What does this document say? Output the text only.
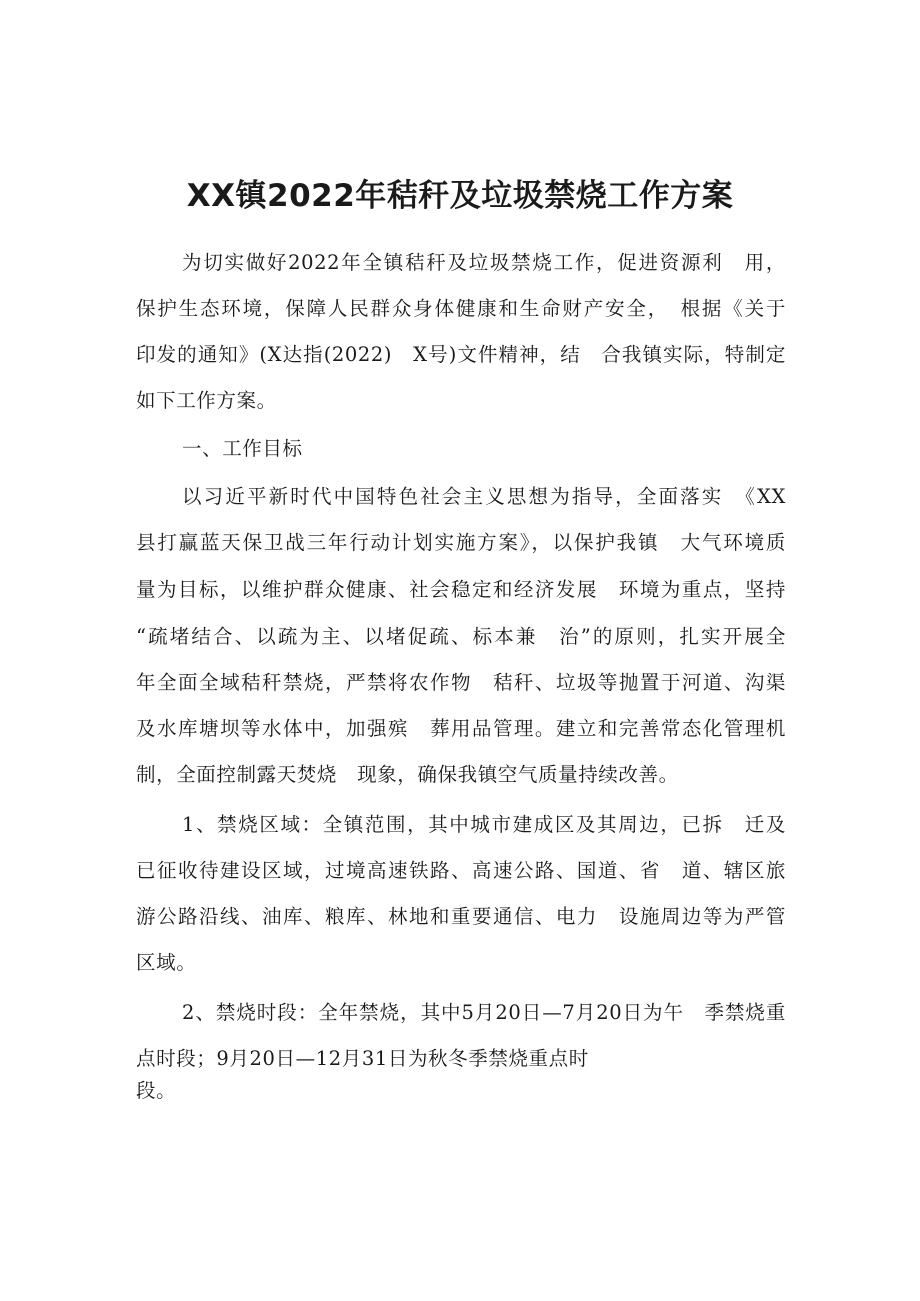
XX镇2022年秸秆及垃圾禁烧工作方案
为切实做好2022年全镇秸秆及垃圾禁烧工作，促进资源利　用，
保护生态环境，保障人民群众身体健康和生命财产安全，　根据《关于
印发的通知》(X达指(2022)　X号)文件精神，结　合我镇实际，特制定
如下工作方案。
一、工作目标
以习近平新时代中国特色社会主义思想为指导，全面落实　《XX
县打赢蓝天保卫战三年行动计划实施方案》，以保护我镇　大气环境质
量为目标，以维护群众健康、社会稳定和经济发展　环境为重点，坚持
“疏堵结合、以疏为主、以堵促疏、标本兼　治”的原则，扎实开展全
年全面全域秸秆禁烧，严禁将农作物　秸秆、垃圾等抛置于河道、沟渠
及水库塘坝等水体中，加强殡　葬用品管理。建立和完善常态化管理机
制，全面控制露天焚烧　现象，确保我镇空气质量持续改善。
1、禁烧区域：全镇范围，其中城市建成区及其周边，已拆　迁及
已征收待建设区域，过境高速铁路、高速公路、国道、省　道、辖区旅
游公路沿线、油库、粮库、林地和重要通信、电力　设施周边等为严管
区域。
2、禁烧时段：全年禁烧，其中5月20日—7月20日为午　季禁烧重
点时段；9月20日—12月31日为秋冬季禁烧重点时
段。
